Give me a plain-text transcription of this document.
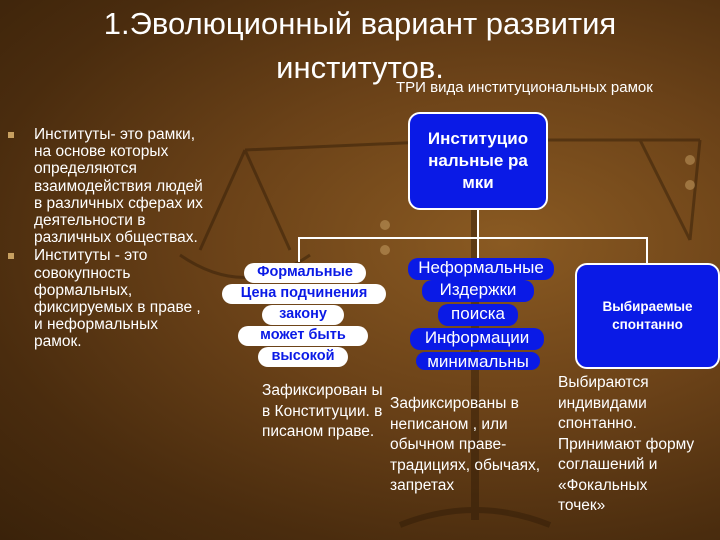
1.Эволюционный вариант развития институтов.
ТРИ вида институциональных рамок
Институты- это рамки, на основе которых определяются взаимодействия людей в различных сферах их деятельности в различных обществах.
Институты - это совокупность формальных, фиксируемых в праве , и неформальных рамок.
Институциональные рамки
Формальные
Цена подчинения
закону
может быть
высокой
Неформальные
Издержки
поиска
Информации
минимальны
Выбираемые спонтанно
Зафиксирован ы в Конституции. в писаном праве.
Зафиксированы в неписаном , или обычном праве- традициях, обычаях, запретах
Выбираются индивидами спонтанно. Принимают форму соглашений и «Фокальных точек»
